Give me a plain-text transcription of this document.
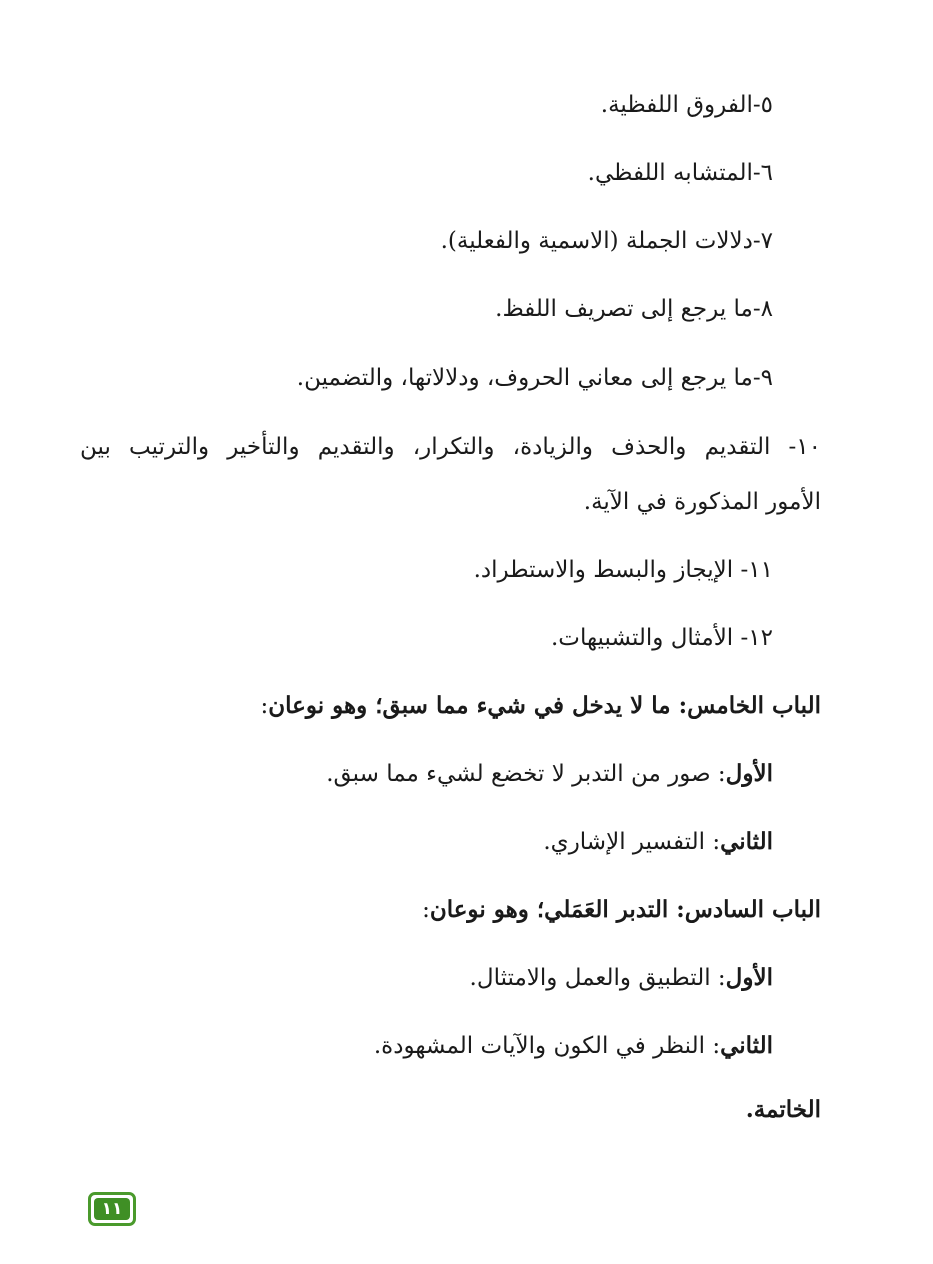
٥-الفروق اللفظية.
٦-المتشابه اللفظي.
٧-دلالات الجملة (الاسمية والفعلية).
٨-ما يرجع إلى تصريف اللفظ.
٩-ما يرجع إلى معاني الحروف، ودلالاتها، والتضمين.
١٠- التقديم والحذف والزيادة، والتكرار، والتقديم والتأخير والترتيب بين
الأمور المذكورة في الآية.
١١- الإيجاز والبسط والاستطراد.
١٢- الأمثال والتشبيهات.
الباب الخامس: ما لا يدخل في شيء مما سبق؛ وهو نوعان:
الأول: صور من التدبر لا تخضع لشيء مما سبق.
الثاني: التفسير الإشاري.
الباب السادس: التدبر العَمَلي؛ وهو نوعان:
الأول: التطبيق والعمل والامتثال.
الثاني: النظر في الكون والآيات المشهودة.
الخاتمة.
١١
